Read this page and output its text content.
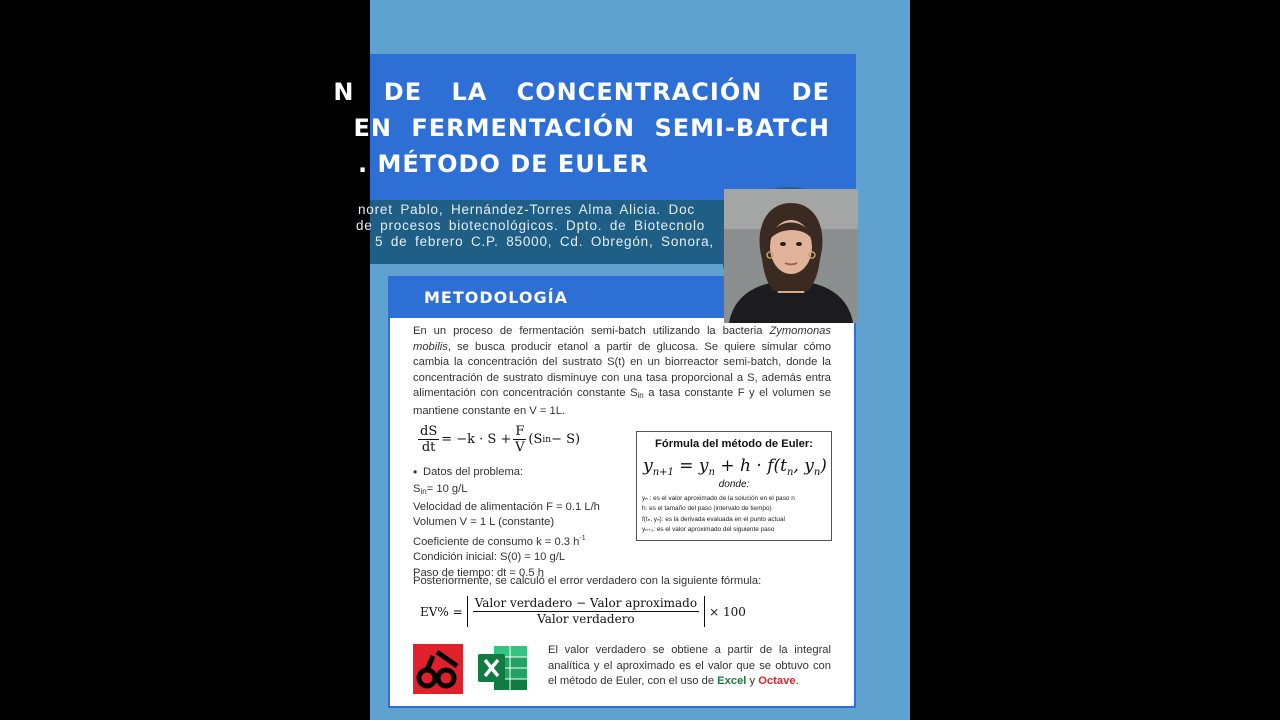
N DE LA CONCENTRACIÓN DE
EN FERMENTACIÓN SEMI-BATCH
. MÉTODO DE EULER
noret Pablo, Hernández-Torres Alma Alicia. Doc
de procesos biotecnológicos. Dpto. de Biotecnolo
5 de febrero C.P. 85000, Cd. Obregón, Sonora,
METODOLOGÍA

En un proceso de fermentación semi-batch utilizando la bacteria Zymomonas mobilis, se busca producir etanol a partir de glucosa. Se quiere simular cómo cambia la concentración del sustrato S(t) en un biorreactor semi-batch, donde la concentración de sustrato disminuye con una tasa proporcional a S, además entra alimentación con concentración constante $S_{in}$ a tasa constante F y el volumen se mantiene constante en V = 1L.

$\frac{dS}{dt} = -k \cdot S + \frac{F}{V} (S$ in − S)
• Datos del problema:
$S_{in}= 10$ g/L
Velocidad de alimentación F = 0.1 L/h
Volumen V = 1 L (constante)
Coeficiente de consumo k = 0.3 $h^{-1}$
Condición inicial: S(0) = 10 g/L
Paso de tiempo: dt = 0.5 h
Fórmula del método de Euler:
$y_{n+1} = y_n + h \cdot f(t_n$, $y_n$)
donde:
yₙ : es el valor aproximado de la solución en el paso n
h: es el tamaño del paso (intervalo de tiempo)
f(tₙ, yₙ): es la derivada evaluada en el punto actual
yₙ₊₁: es el valor aproximado del siguiente paso
Posteriormente, se calculó el error verdadero con la siguiente fórmula:
$EV\% = \frac{\text{Valor verdadero − Valor aproximado}}{\text{Valor verdadero}} \times 100$

El valor verdadero se obtiene a partir de la integral analítica y el aproximado es el valor que se obtuvo con el método de Euler, con el uso de Excel y Octave.
